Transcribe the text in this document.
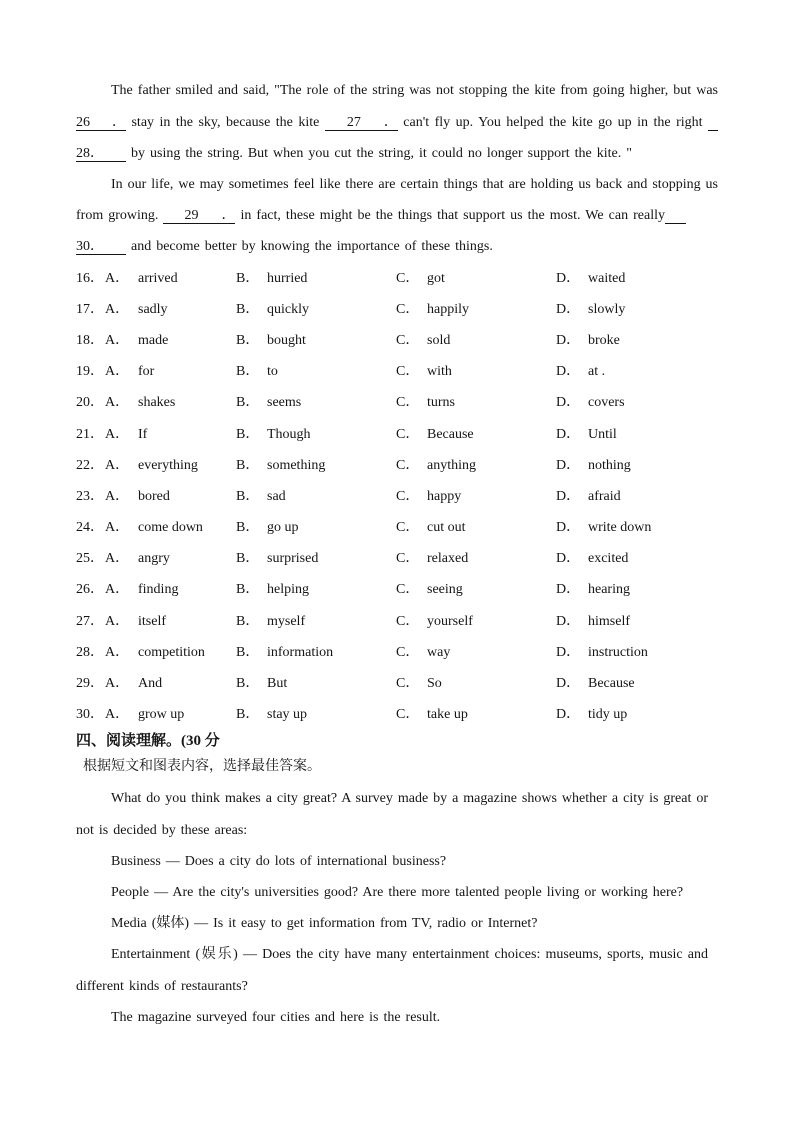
The father smiled and said, "The role of the string was not stopping the kite from going higher, but was
​ 26． stay in the sky, because the kite ​ 27． can't fly up. You helped the kite go up in the right ​
​ 28． by using the string. But when you cut the string, it could no longer support the kite. "
In our life, we may sometimes feel like there are certain things that are holding us back and stopping us
from growing. ​ 29． in fact, these might be the things that support us the most. We can really​
​ 30． and become better by knowing the importance of these things.
16． A． arrived	B． hurried	C． got	D． waited
17． A． sadly	B． quickly	C． happily	D． slowly
18． A． made	B． bought	C． sold	D． broke
19． A． for	B． to	C． with	D． at .
20． A． shakes	B． seems	C． turns	D． covers
21． A． If	B． Though	C． Because	D． Until
22． A． everything	B． something	C． anything	D． nothing
23． A． bored	B． sad	C． happy	D． afraid
24． A． come down B． go up	C． cut out	D． write down
25． A． angry	B． surprised	C． relaxed	D． excited
26． A． finding	B． helping	C． seeing	D． hearing
27． A． itself	B． myself	C． yourself	D． himself
28． A． competition B． information	C． way	D． instruction
29． A． And	B． But	C． So	D． Because
30． A． grow up	B． stay up	C． take up	D． tidy up
四、阅读理解。(30 分
根据短文和图表内容，选择最佳答案。
What do you think makes a city great? A survey made by a magazine shows whether a city is great or
not is decided by these areas:
Business — Does a city do lots of international business?
People — Are the city's universities good? Are there more talented people living or working here?
Media (媒体) — Is it easy to get information from TV, radio or Internet?
Entertainment (娱乐) — Does the city have many entertainment choices: museums, sports, music and
different kinds of restaurants?
The magazine surveyed four cities and here is the result.
